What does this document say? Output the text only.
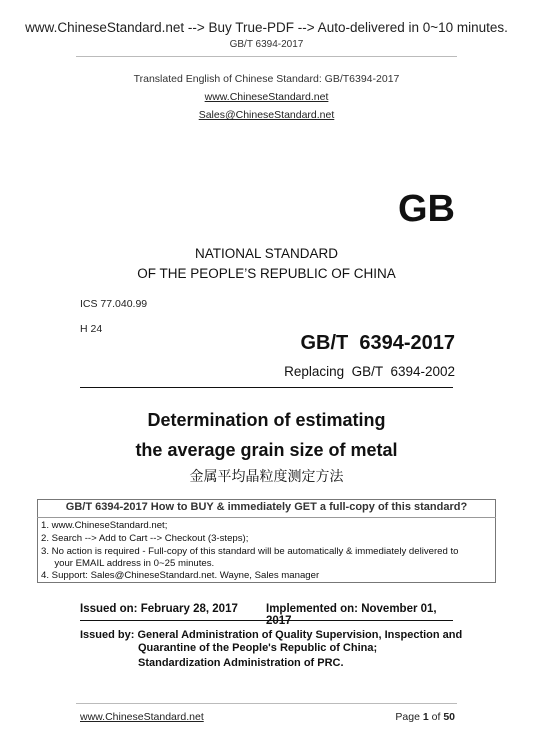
www.ChineseStandard.net --> Buy True-PDF --> Auto-delivered in 0~10 minutes.
GB/T 6394-2017
Translated English of Chinese Standard: GB/T6394-2017
www.ChineseStandard.net
Sales@ChineseStandard.net
GB
NATIONAL STANDARD
OF THE PEOPLE’S REPUBLIC OF CHINA
ICS 77.040.99
H 24
GB/T  6394-2017
Replacing  GB/T  6394-2002
Determination of estimating
the average grain size of metal
金属平均晶粒度测定方法
GB/T 6394-2017 How to BUY & immediately GET a full-copy of this standard?
1. www.ChineseStandard.net;
2. Search --> Add to Cart --> Checkout (3-steps);
3. No action is required - Full-copy of this standard will be automatically & immediately delivered to
your EMAIL address in 0~25 minutes.
4. Support: Sales@ChineseStandard.net. Wayne, Sales manager
Issued on: February 28, 2017 Implemented on: November 01, 2017
Issued by: General Administration of Quality Supervision, Inspection and
Quarantine of the People's Republic of China;
Standardization Administration of PRC.
www.ChineseStandard.net	Page 1 of 50
